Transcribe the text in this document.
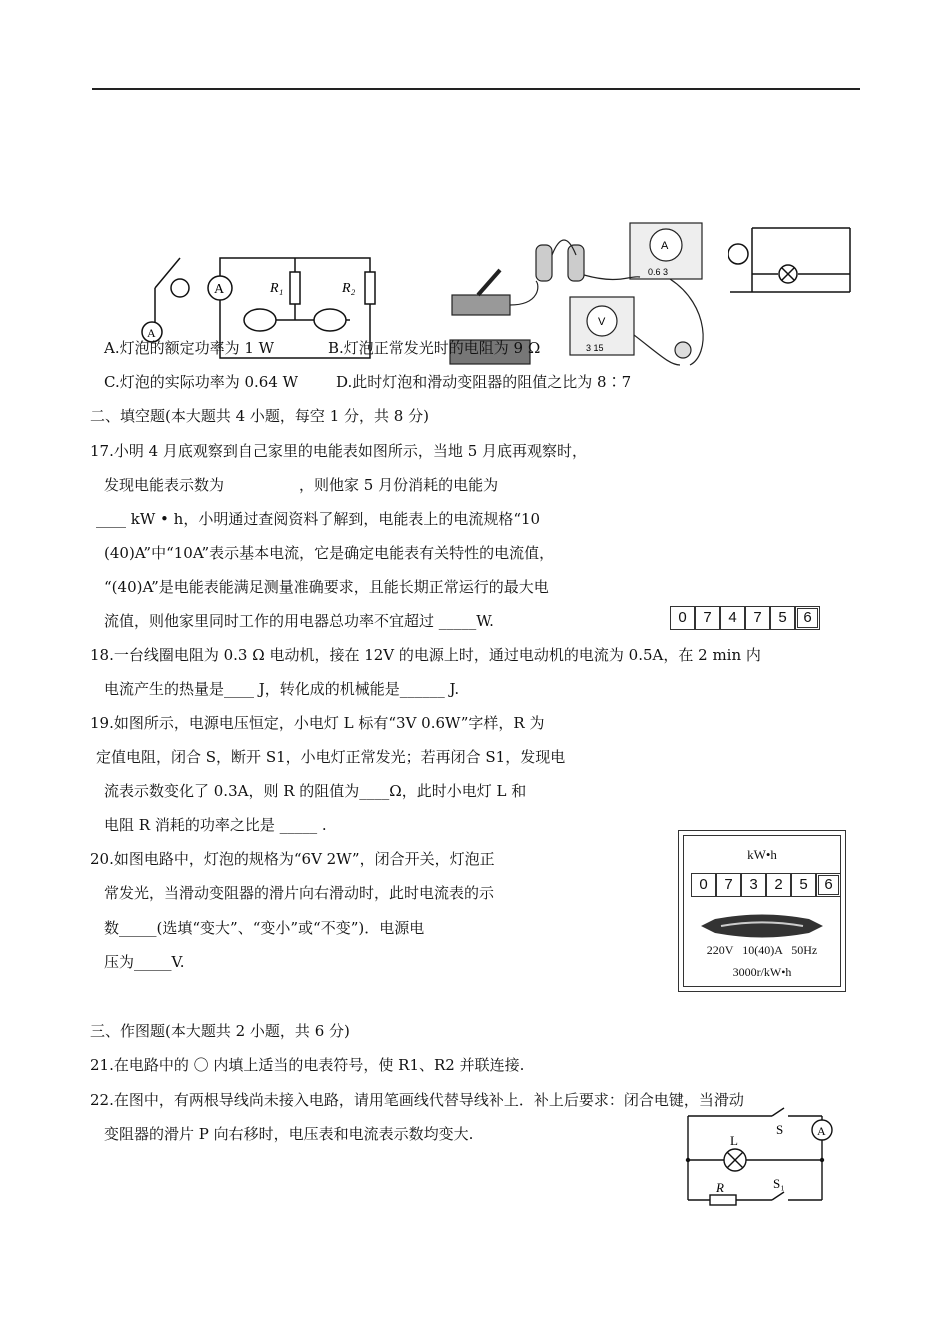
A	R₁	R₂
A
A
0.6 3
V
3 15
A.灯泡的额定功率为 1 W	B.灯泡正常发光时的电阻为 9 Ω
C.灯泡的实际功率为 0.64 W	D.此时灯泡和滑动变阻器的阻值之比为 8∶7
二、填空题(本大题共 4 小题，每空 1 分，共 8 分)
17.小明 4 月底观察到自己家里的电能表如图所示，当地 5 月底再观察时，
发现电能表示数为　　　　　，则他家 5 月份消耗的电能为
____ kW • h，小明通过查阅资料了解到，电能表上的电流规格“10
(40)A”中“10A”表示基本电流，它是确定电能表有关特性的电流值，
“(40)A”是电能表能满足测量准确要求，且能长期正常运行的最大电
流值，则他家里同时工作的用电器总功率不宜超过 _____W.	0	7	4	7	5	6
18.一台线圈电阻为 0.3 Ω 电动机，接在 12V 的电源上时，通过电动机的电流为 0.5A，在 2 min 内
电流产生的热量是____ J，转化成的机械能是______ J.
19.如图所示，电源电压恒定，小电灯 L 标有“3V 0.6W”字样，R 为
定值电阻，闭合 S，断开 S1，小电灯正常发光；若再闭合 S1，发现电
流表示数变化了 0.3A，则 R 的阻值为____Ω，此时小电灯 L 和
电阻 R 消耗的功率之比是 _____ .
20.如图电路中，灯泡的规格为“6V 2W”，闭合开关，灯泡正
常发光，当滑动变阻器的滑片向右滑动时，此时电流表的示
数_____(选填“变大”、“变小”或“不变”)．电源电
压为_____V.
kW•h
0	7	3	2	5	6
220V   10(40)A   50Hz
3000r/kW•h
三、作图题(本大题共 2 小题，共 6 分)
21.在电路中的 〇 内填上适当的电表符号，使 R1、R2 并联连接.
22.在图中，有两根导线尚未接入电路，请用笔画线代替导线补上．补上后要求：闭合电键，当滑动
变阻器的滑片 P 向右移时，电压表和电流表示数均变大.	A
L
S
R	S₁
